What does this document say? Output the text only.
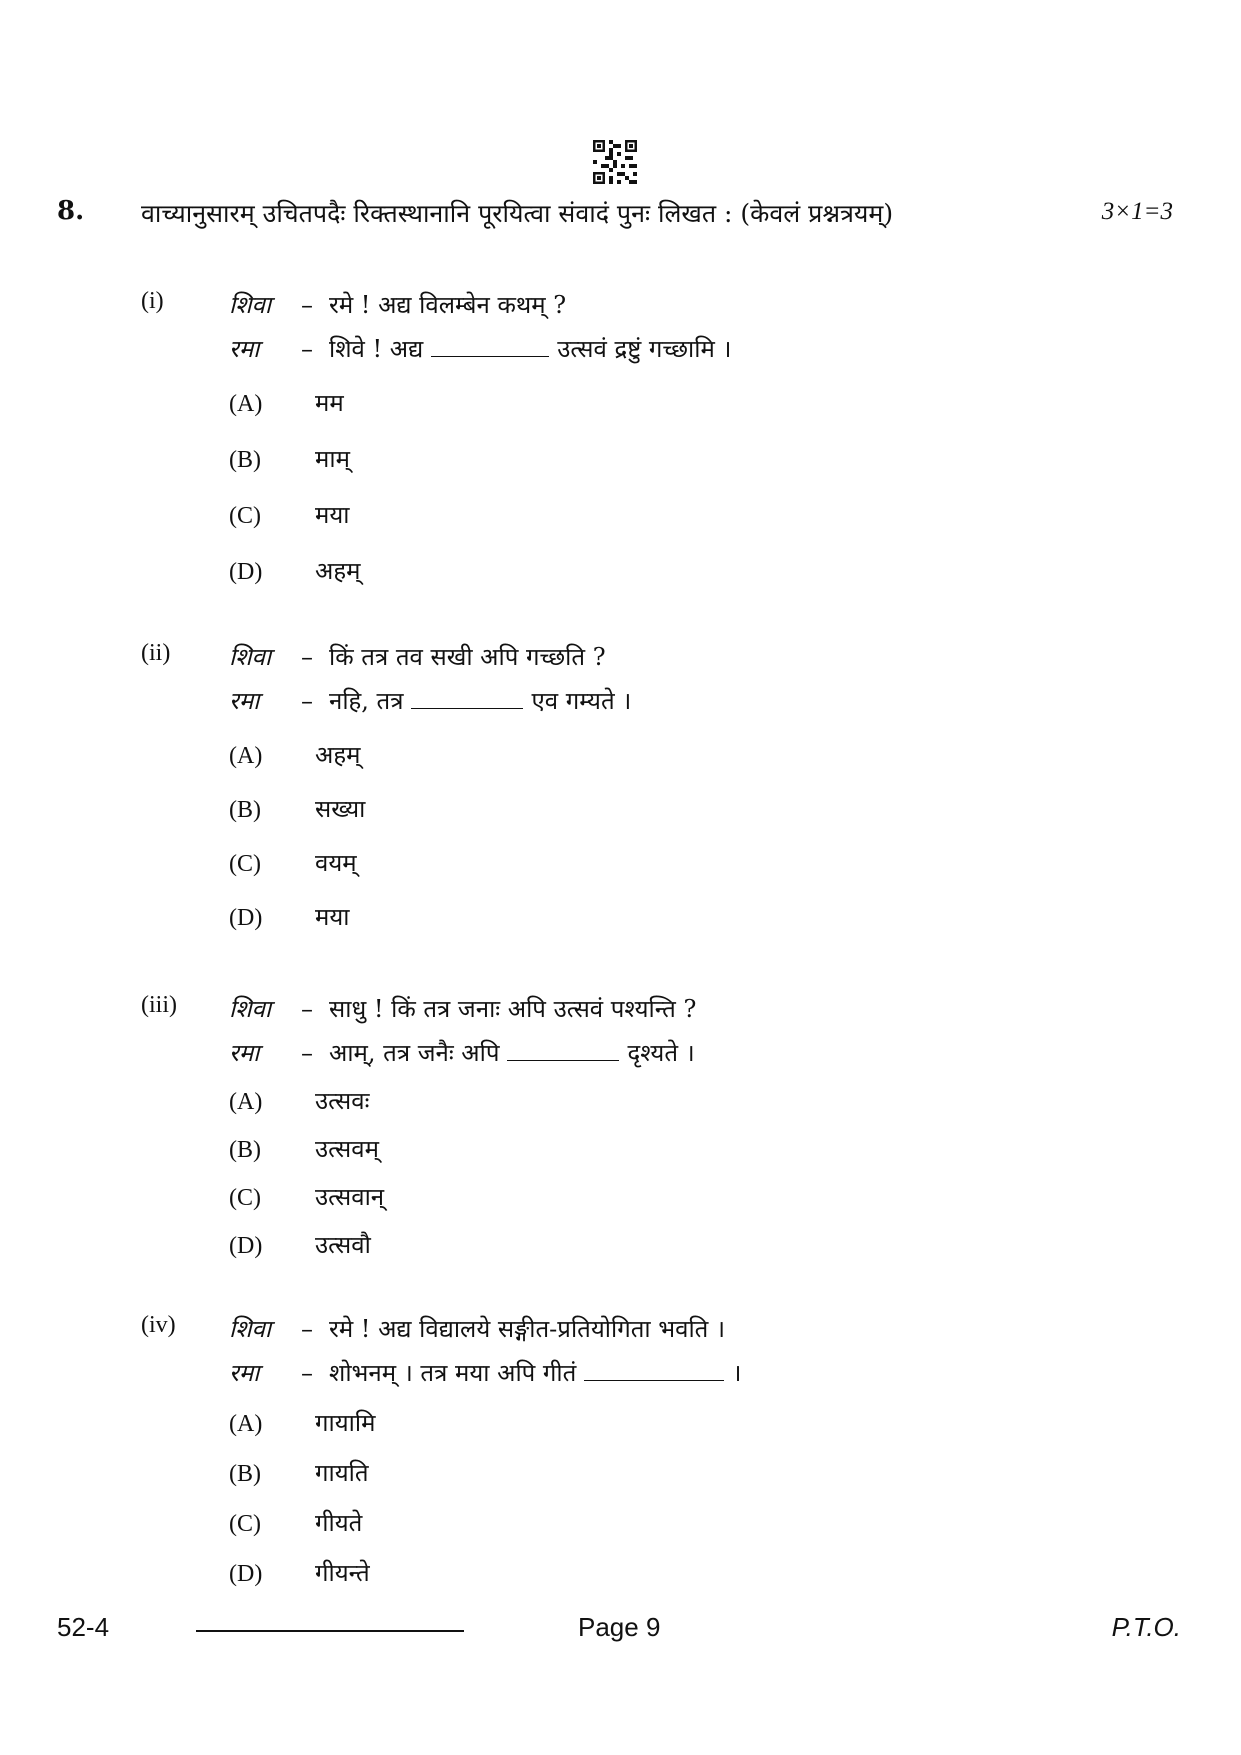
8. वाच्यानुसारम् उचितपदैः रिक्तस्थानानि पूरयित्वा संवादं पुनः लिखत : (केवलं प्रश्नत्रयम्)	3×1=3
(i)	शिवा – रमे ! अद्य विलम्बेन कथम् ?
रमा – शिवे ! अद्य	उत्सवं द्रष्टुं गच्छामि ।
(A) मम
(B) माम्
(C) मया
(D) अहम्
(ii) शिवा – किं तत्र तव सखी अपि गच्छति ?
रमा – नहि, तत्र	एव गम्यते ।
(A) अहम्
(B) सख्या
(C) वयम्
(D) मया
(iii) शिवा – साधु ! किं तत्र जनाः अपि उत्सवं पश्यन्ति ?
रमा – आम्, तत्र जनैः अपि	दृश्यते ।
(A) उत्सवः
(B) उत्सवम्
(C) उत्सवान्
(D) उत्सवौ
(iv) शिवा – रमे ! अद्य विद्यालये सङ्गीत-प्रतियोगिता भवति ।
रमा – शोभनम् । तत्र मया अपि गीतं	।
(A) गायामि
(B) गायति
(C) गीयते
(D) गीयन्ते
52-4	Page 9	P.T.O.
